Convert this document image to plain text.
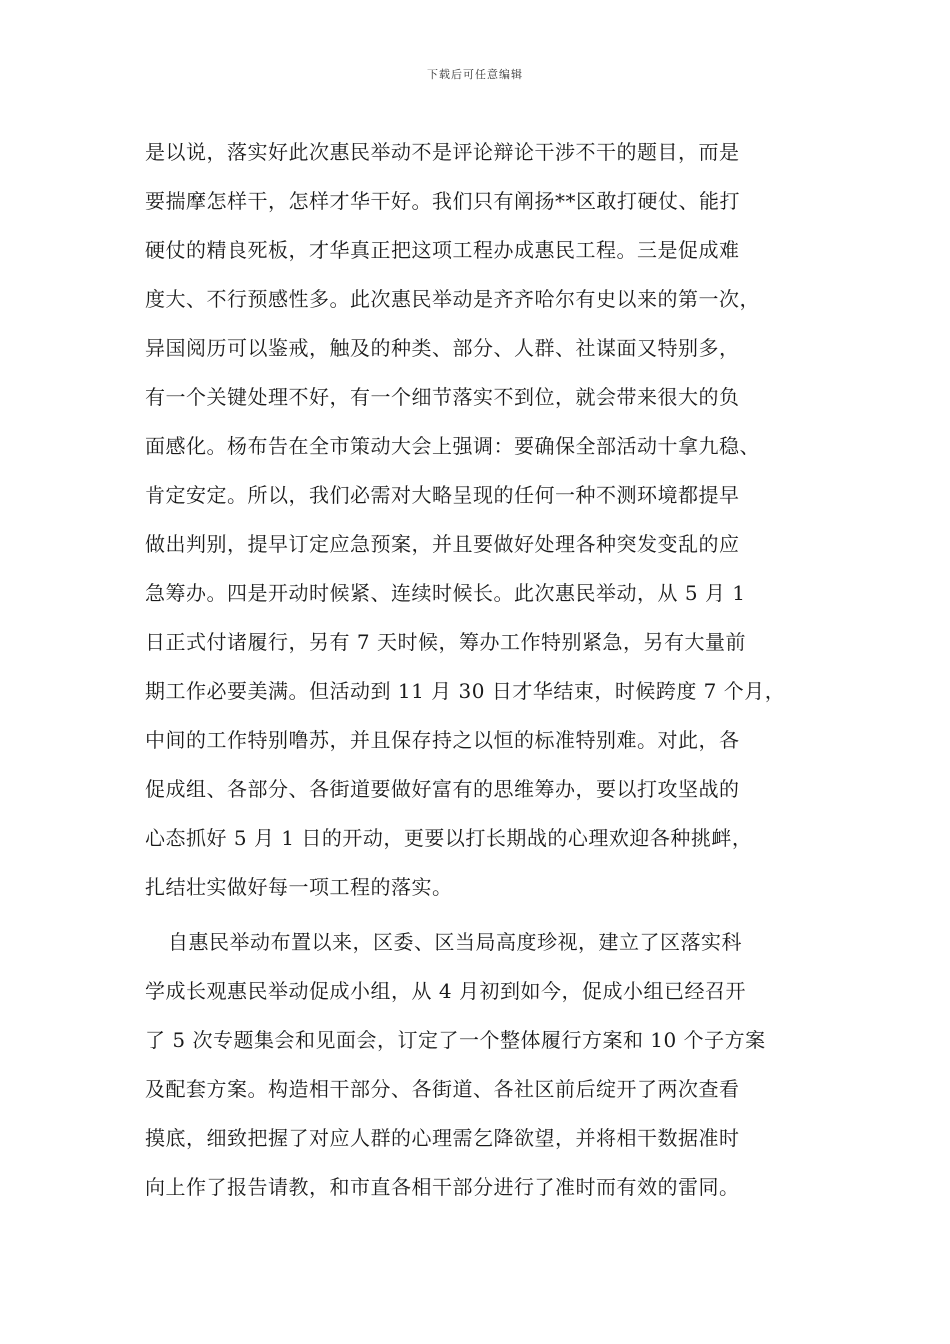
下载后可任意编辑
是以说，落实好此次惠民举动不是评论辩论干涉不干的题目，而是
要揣摩怎样干，怎样才华干好。我们只有阐扬**区敢打硬仗、能打
硬仗的精良死板，才华真正把这项工程办成惠民工程。三是促成难
度大、不行预感性多。此次惠民举动是齐齐哈尔有史以来的第一次，
异国阅历可以鉴戒，触及的种类、部分、人群、社谋面又特别多，
有一个关键处理不好，有一个细节落实不到位，就会带来很大的负
面感化。杨布告在全市策动大会上强调：要确保全部活动十拿九稳、
肯定安定。所以，我们必需对大略呈现的任何一种不测环境都提早
做出判别，提早订定应急预案，并且要做好处理各种突发变乱的应
急筹办。四是开动时候紧、连续时候长。此次惠民举动，从 5 月 1
日正式付诸履行，另有 7 天时候，筹办工作特别紧急，另有大量前
期工作必要美满。但活动到 11 月 30 日才华结束，时候跨度 7 个月，
中间的工作特别噜苏，并且保存持之以恒的标准特别难。对此，各
促成组、各部分、各街道要做好富有的思维筹办，要以打攻坚战的
心态抓好 5 月 1 日的开动，更要以打长期战的心理欢迎各种挑衅，
扎结壮实做好每一项工程的落实。
自惠民举动布置以来，区委、区当局高度珍视，建立了区落实科
学成长观惠民举动促成小组，从 4 月初到如今，促成小组已经召开
了 5 次专题集会和见面会，订定了一个整体履行方案和 10 个子方案
及配套方案。构造相干部分、各街道、各社区前后绽开了两次查看
摸底，细致把握了对应人群的心理需乞降欲望，并将相干数据准时
向上作了报告请教，和市直各相干部分进行了准时而有效的雷同。
